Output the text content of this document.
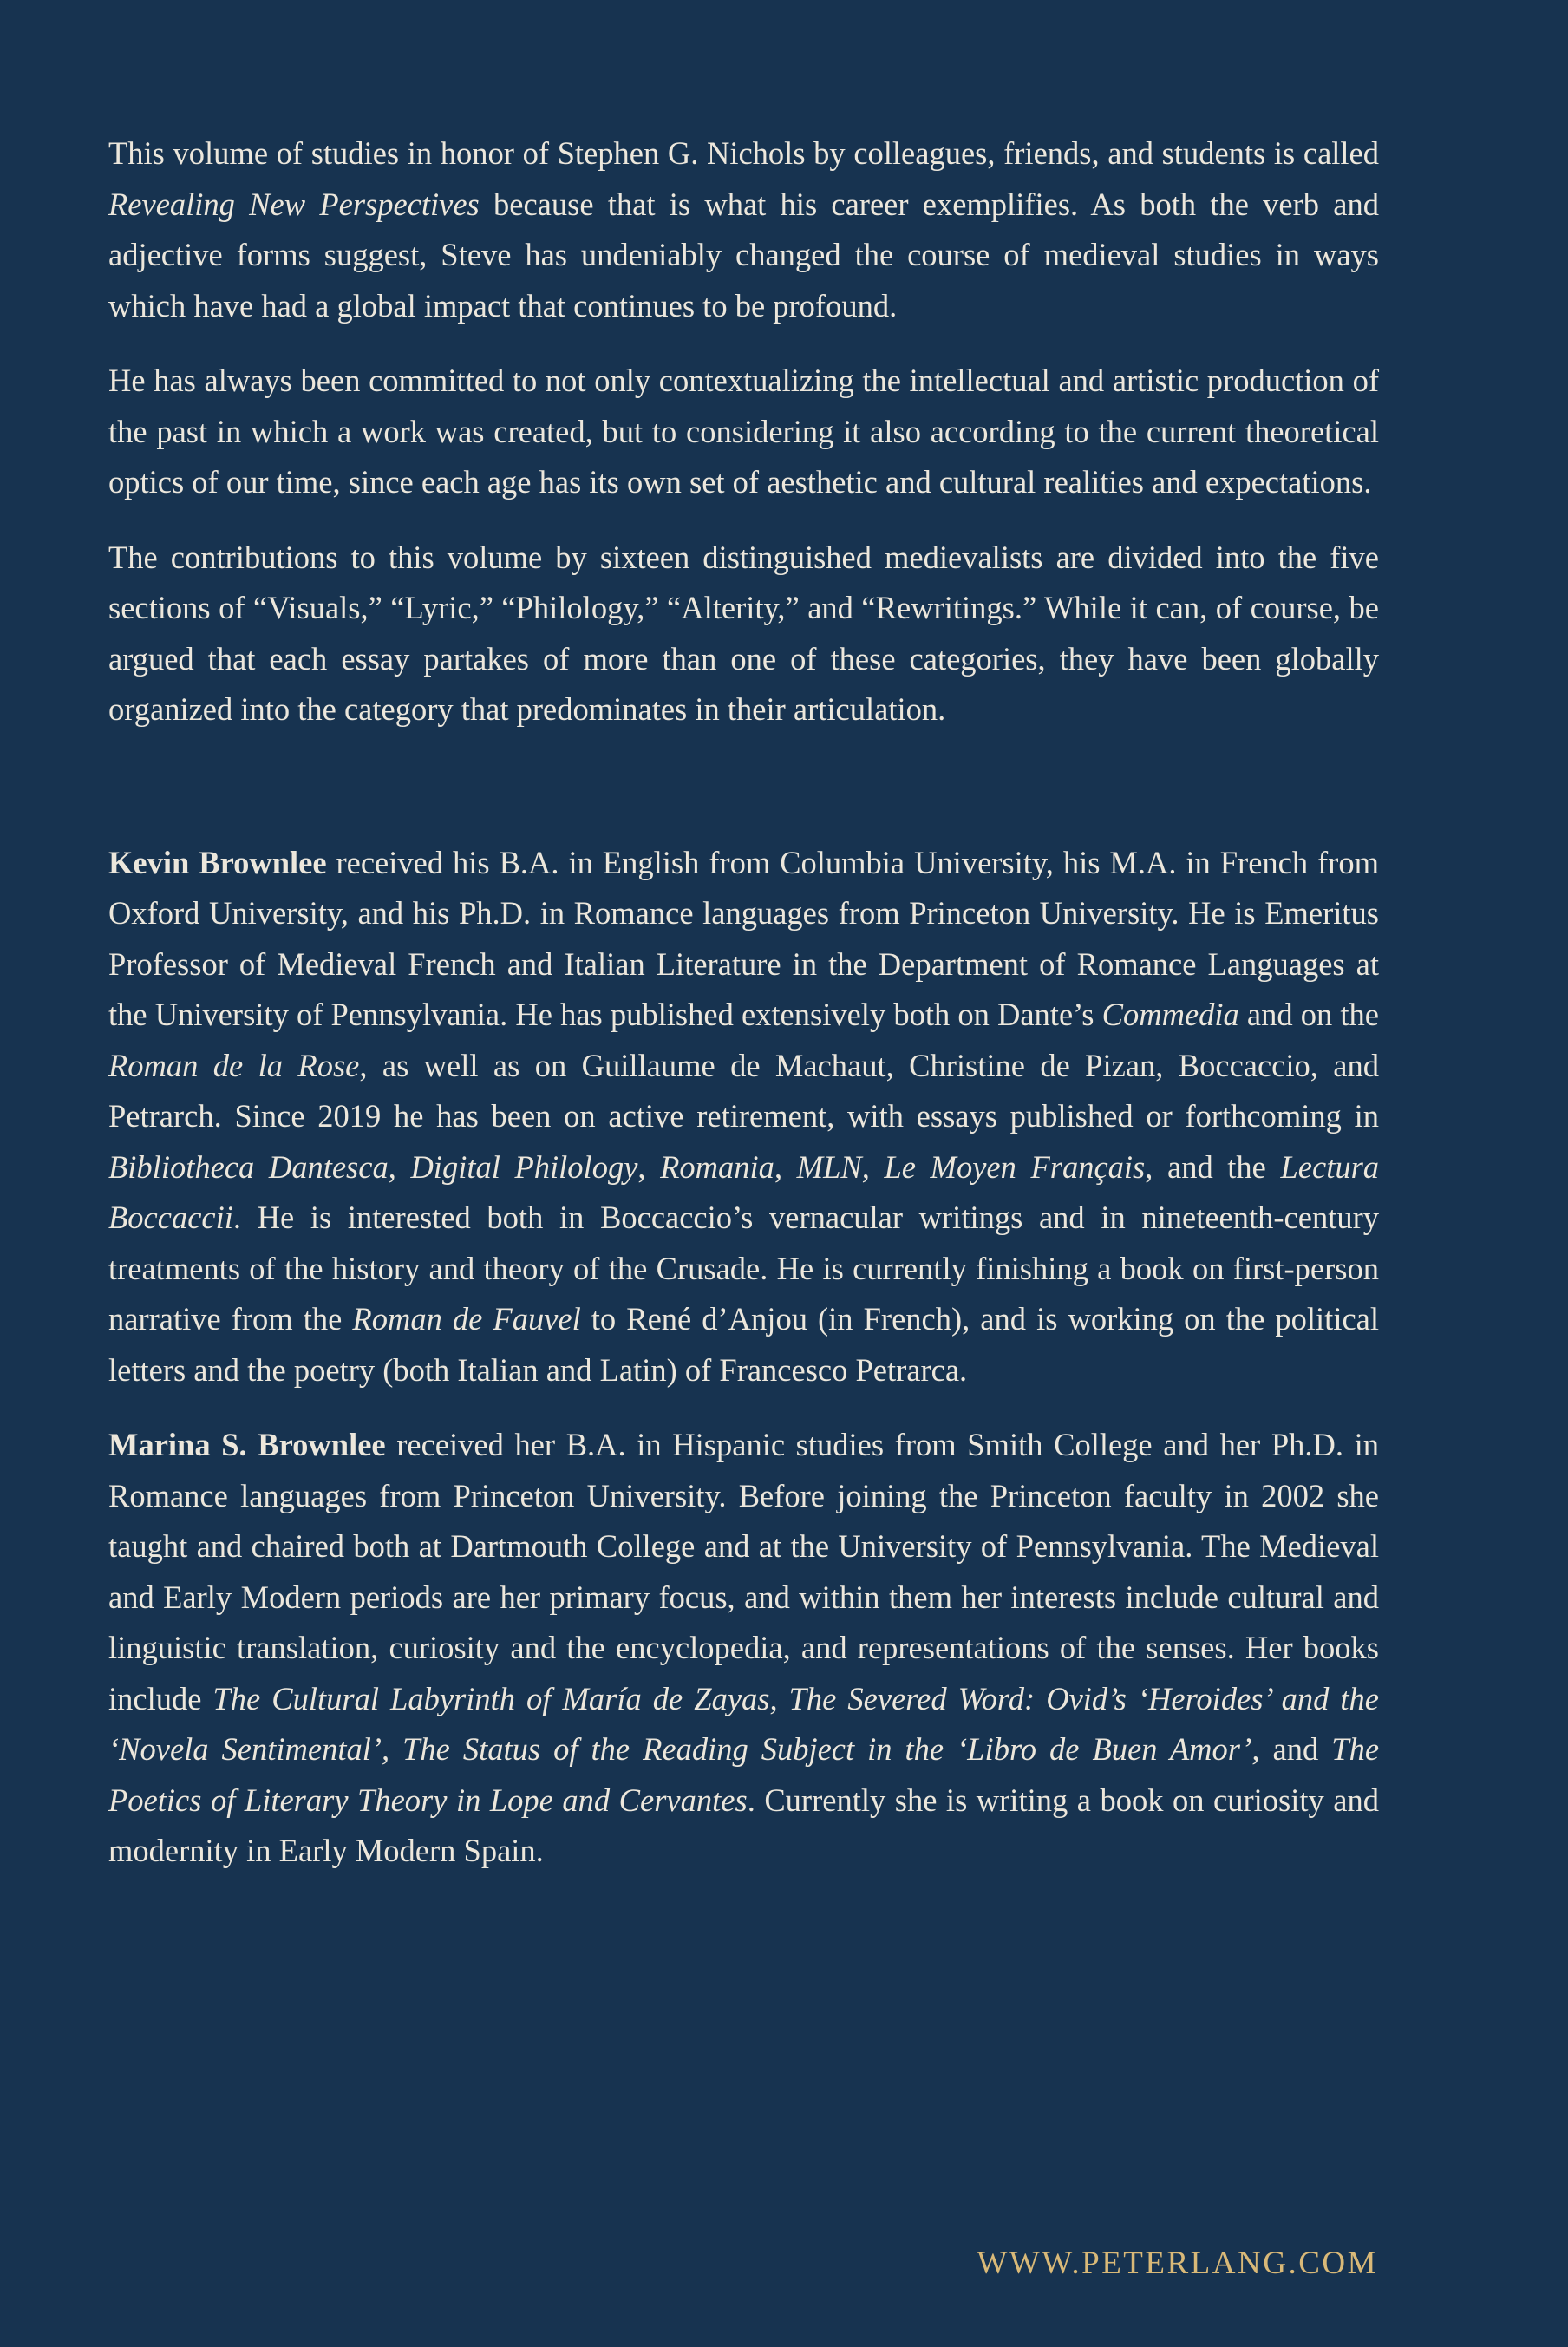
This volume of studies in honor of Stephen G. Nichols by colleagues, friends, and students is called Revealing New Perspectives because that is what his career exemplifies. As both the verb and adjective forms suggest, Steve has undeniably changed the course of medieval studies in ways which have had a global impact that continues to be profound.

He has always been committed to not only contextualizing the intellectual and artistic production of the past in which a work was created, but to considering it also according to the current theoretical optics of our time, since each age has its own set of aesthetic and cultural realities and expectations.

The contributions to this volume by sixteen distinguished medievalists are divided into the five sections of “Visuals,” “Lyric,” “Philology,” “Alterity,” and “Rewritings.” While it can, of course, be argued that each essay partakes of more than one of these categories, they have been globally organized into the category that predominates in their articulation.

Kevin Brownlee received his B.A. in English from Columbia University, his M.A. in French from Oxford University, and his Ph.D. in Romance languages from Princeton University. He is Emeritus Professor of Medieval French and Italian Literature in the Department of Romance Languages at the University of Pennsylvania. He has published extensively both on Dante’s Commedia and on the Roman de la Rose, as well as on Guillaume de Machaut, Christine de Pizan, Boccaccio, and Petrarch. Since 2019 he has been on active retirement, with essays published or forthcoming in Bibliotheca Dantesca, Digital Philology, Romania, MLN, Le Moyen Français, and the Lectura Boccaccii. He is interested both in Boccaccio’s vernacular writings and in nineteenth-century treatments of the history and theory of the Crusade. He is currently finishing a book on first-person narrative from the Roman de Fauvel to René d’Anjou (in French), and is working on the political letters and the poetry (both Italian and Latin) of Francesco Petrarca.

Marina S. Brownlee received her B.A. in Hispanic studies from Smith College and her Ph.D. in Romance languages from Princeton University. Before joining the Princeton faculty in 2002 she taught and chaired both at Dartmouth College and at the University of Pennsylvania. The Medieval and Early Modern periods are her primary focus, and within them her interests include cultural and linguistic translation, curiosity and the encyclopedia, and representations of the senses. Her books include The Cultural Labyrinth of María de Zayas, The Severed Word: Ovid’s ‘Heroides’ and the ‘Novela Sentimental’, The Status of the Reading Subject in the ‘Libro de Buen Amor’, and The Poetics of Literary Theory in Lope and Cervantes. Currently she is writing a book on curiosity and modernity in Early Modern Spain.

WWW.PETERLANG.COM
